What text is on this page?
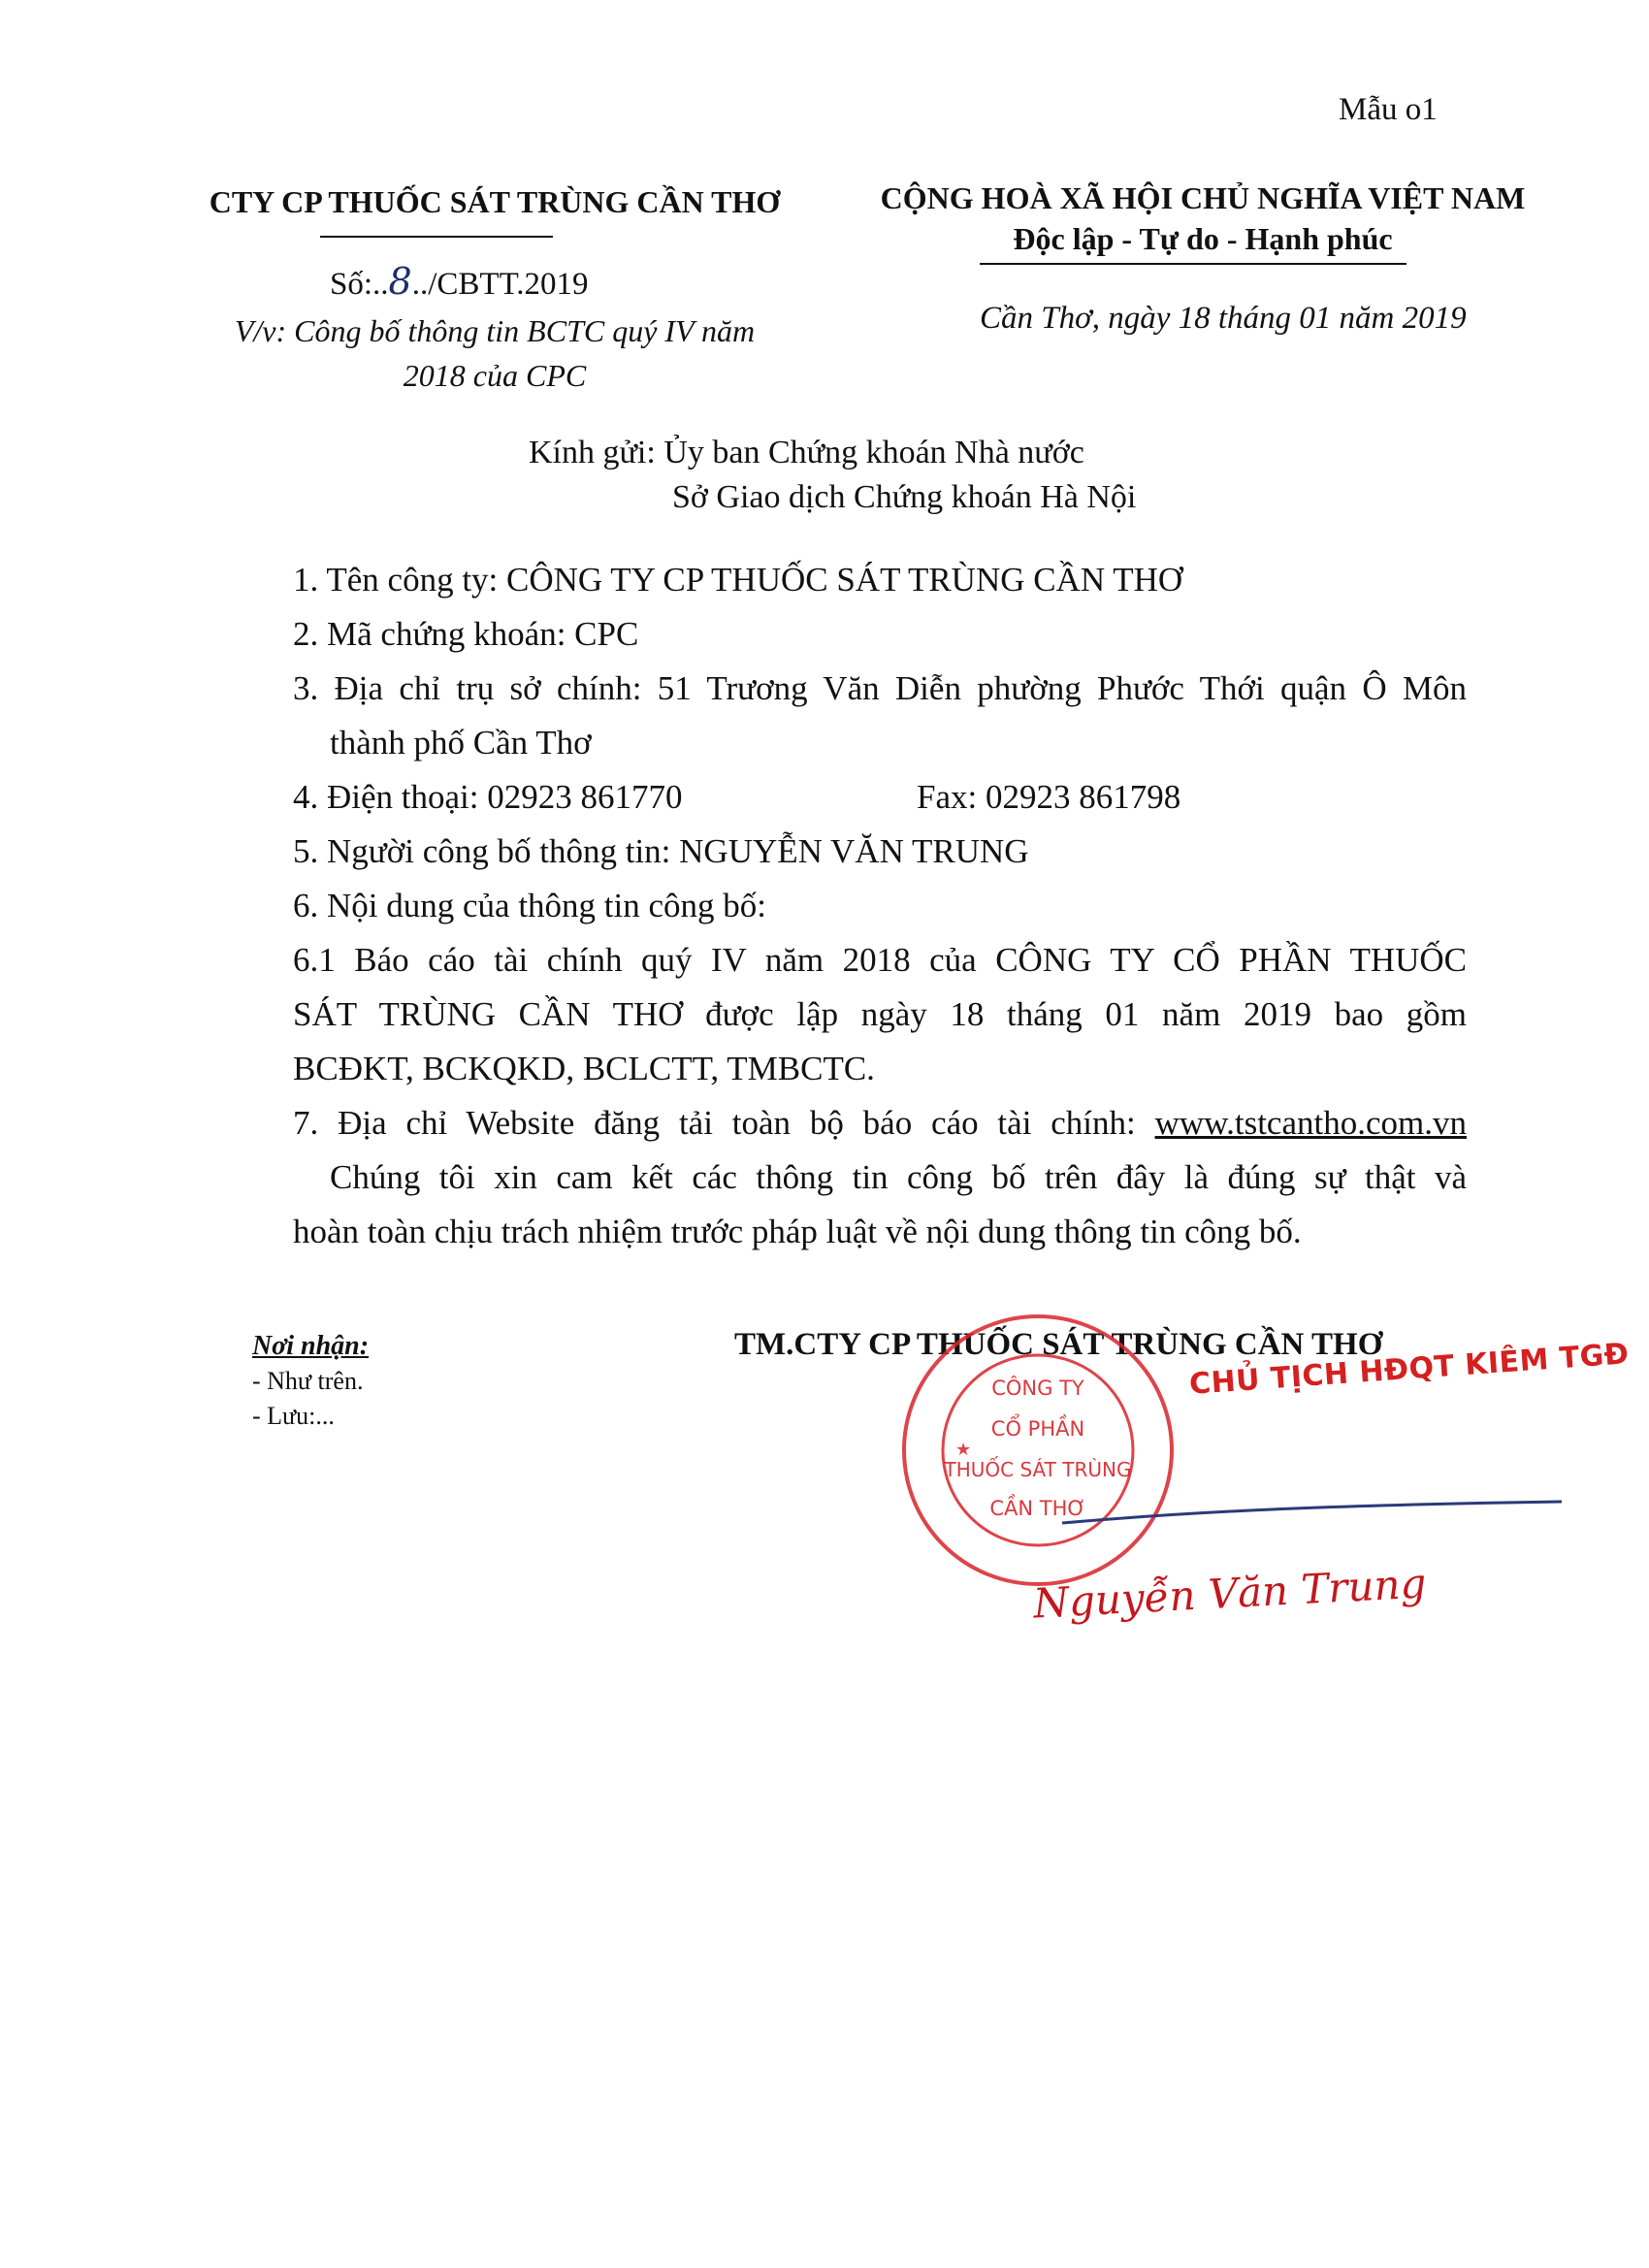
Mẫu o1
CTY CP THUỐC SÁT TRÙNG CẦN THƠ	CỘNG HOÀ XÃ HỘI CHỦ NGHĨA VIỆT NAM
Độc lập - Tự do - Hạnh phúc
Số:..8../CBTT.2019
V/v: Công bố thông tin BCTC quý IV năm
2018 của CPC
Cần Thơ, ngày 18 tháng 01 năm 2019
Kính gửi: Ủy ban Chứng khoán Nhà nước
Sở Giao dịch Chứng khoán Hà Nội
1. Tên công ty: CÔNG TY CP THUỐC SÁT TRÙNG CẦN THƠ
2. Mã chứng khoán: CPC
3. Địa chỉ trụ sở chính: 51 Trương Văn Diễn phường Phước Thới quận Ô Môn
thành phố Cần Thơ
4. Điện thoại: 02923 861770	Fax: 02923 861798
5. Người công bố thông tin: NGUYỄN VĂN TRUNG
6. Nội dung của thông tin công bố:
6.1 Báo cáo tài chính quý IV năm 2018 của CÔNG TY CỔ PHẦN THUỐC
SÁT TRÙNG CẦN THƠ được lập ngày 18 tháng 01 năm 2019 bao gồm
BCĐKT, BCKQKD, BCLCTT, TMBCTC.
7. Địa chỉ Website đăng tải toàn bộ báo cáo tài chính: www.tstcantho.com.vn
Chúng tôi xin cam kết các thông tin công bố trên đây là đúng sự thật và
hoàn toàn chịu trách nhiệm trước pháp luật về nội dung thông tin công bố.
Nơi nhận:
- Như trên.
- Lưu:...
TM.CTY CP THUỐC SÁT TRÙNG CẦN THƠ
CÔNG TY
CỔ PHẦN
THUỐC SÁT TRÙNG
CẦN THƠ
★
CHỦ TỊCH HĐQT KIÊM TGĐ
Nguyễn Văn Trung
